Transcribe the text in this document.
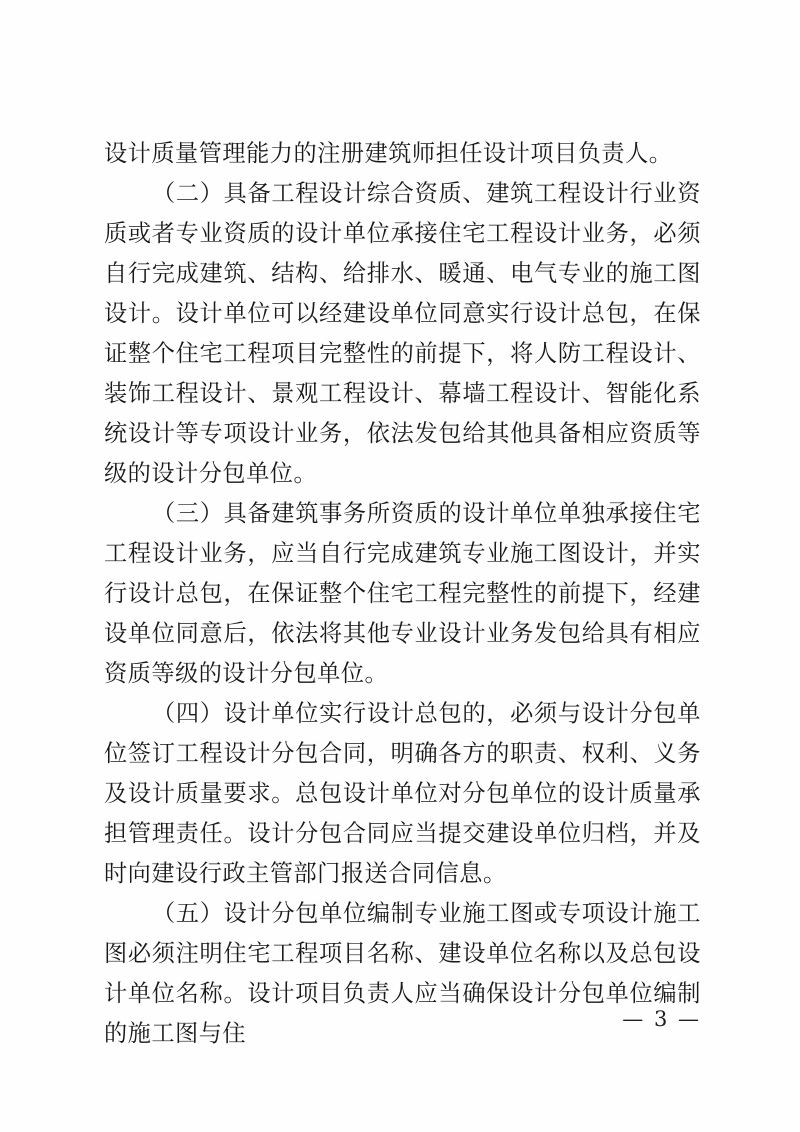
设计质量管理能力的注册建筑师担任设计项目负责人。

（二）具备工程设计综合资质、建筑工程设计行业资质或者专业资质的设计单位承接住宅工程设计业务，必须自行完成建筑、结构、给排水、暖通、电气专业的施工图设计。设计单位可以经建设单位同意实行设计总包，在保证整个住宅工程项目完整性的前提下，将人防工程设计、装饰工程设计、景观工程设计、幕墙工程设计、智能化系统设计等专项设计业务，依法发包给其他具备相应资质等级的设计分包单位。

（三）具备建筑事务所资质的设计单位单独承接住宅工程设计业务，应当自行完成建筑专业施工图设计，并实行设计总包，在保证整个住宅工程完整性的前提下，经建设单位同意后，依法将其他专业设计业务发包给具有相应资质等级的设计分包单位。

（四）设计单位实行设计总包的，必须与设计分包单位签订工程设计分包合同，明确各方的职责、权利、义务及设计质量要求。总包设计单位对分包单位的设计质量承担管理责任。设计分包合同应当提交建设单位归档，并及时向建设行政主管部门报送合同信息。

（五）设计分包单位编制专业施工图或专项设计施工图必须注明住宅工程项目名称、建设单位名称以及总包设计单位名称。设计项目负责人应当确保设计分包单位编制的施工图与住

— 3 —
